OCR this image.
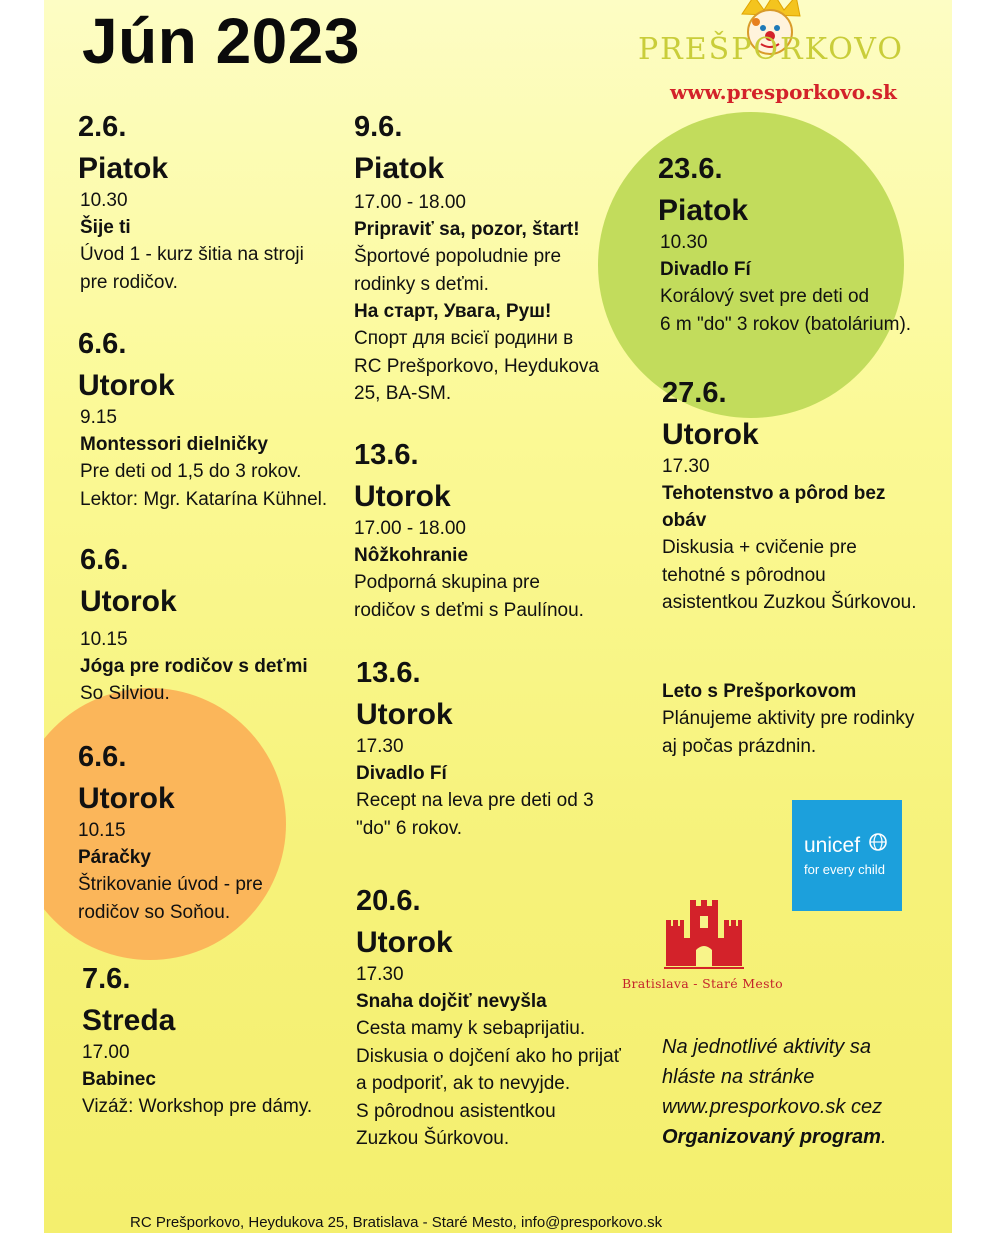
Jún 2023	PREŠPORKOVO
www.presporkovo.sk
2.6.
Piatok
10.30
Šije ti
Úvod 1 - kurz šitia na stroji
pre rodičov.
6.6.
Utorok
9.15
Montessori dielničky
Pre deti od 1,5 do 3 rokov.
Lektor: Mgr. Katarína Kühnel.
6.6.
Utorok
10.15
Jóga pre rodičov s deťmi
So Silviou.
6.6.
Utorok
10.15
Páračky
Štrikovanie úvod - pre
rodičov so Soňou.
7.6.
Streda
17.00
Babinec
Vizáž: Workshop pre dámy.
9.6.
Piatok
17.00 - 18.00
Pripraviť sa, pozor, štart!
Športové popoludnie pre
rodinky s deťmi.
На старт, Увага, Руш!
Спорт для всієї родини в
RC Prešporkovo, Heydukova
25, BA-SM.
13.6.
Utorok
17.00 - 18.00
Nôžkohranie
Podporná skupina pre
rodičov s deťmi s Paulínou.
13.6.
Utorok
17.30
Divadlo Fí
Recept na leva pre deti od 3
"do" 6 rokov.
20.6.
Utorok
17.30
Snaha dojčiť nevyšla
Cesta mamy k sebaprijatiu.
Diskusia o dojčení ako ho prijať
a podporiť, ak to nevyjde.
S pôrodnou asistentkou
Zuzkou Šúrkovou.
23.6.
Piatok
10.30
Divadlo Fí
Korálový svet pre deti od
6 m "do" 3 rokov (batolárium).
27.6.
Utorok
17.30
Tehotenstvo a pôrod bez
obáv
Diskusia + cvičenie pre
tehotné s pôrodnou
asistentkou Zuzkou Šúrkovou.
Leto s Prešporkovom
Plánujeme aktivity pre rodinky
aj počas prázdnin.
unicef
for every child
Bratislava - Staré Mesto
Na jednotlivé aktivity sa
hláste na stránke
www.presporkovo.sk cez
Organizovaný program.
RC Prešporkovo, Heydukova 25, Bratislava - Staré Mesto, info@presporkovo.sk
